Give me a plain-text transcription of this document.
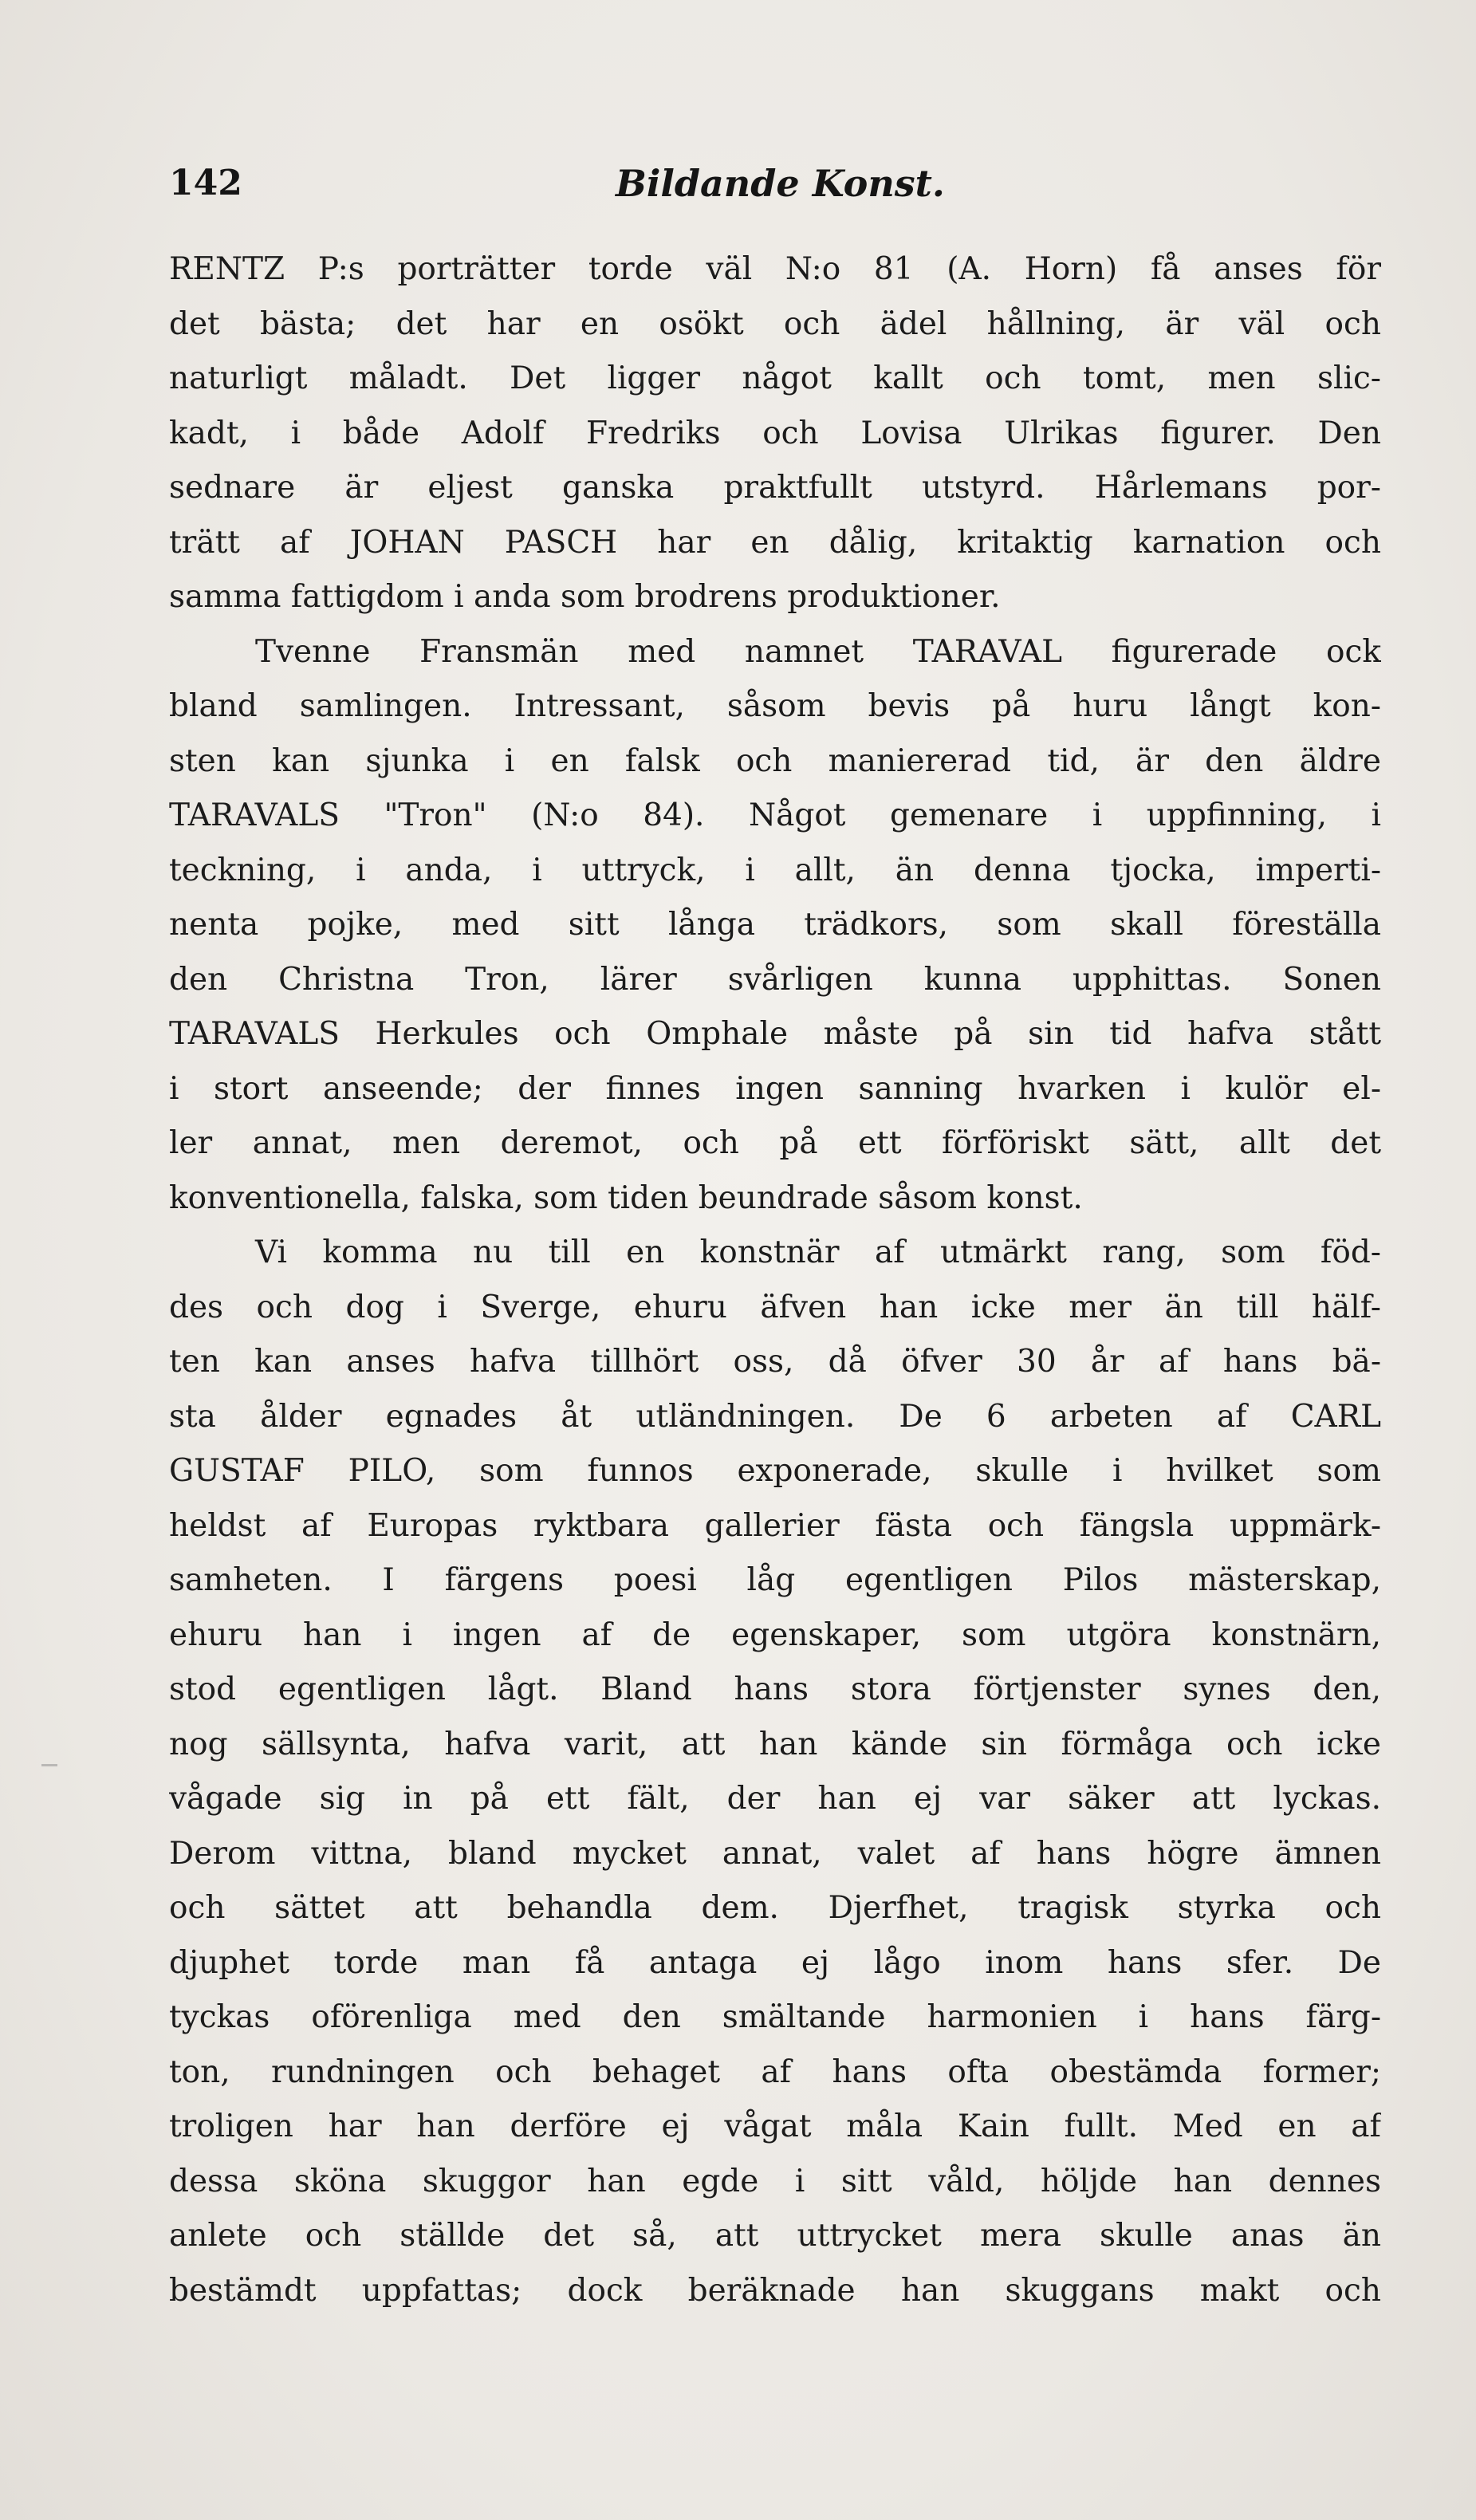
142	Bildande Konst.
RENTZ P:s porträtter torde väl N:o 81 (A. Horn) få anses för
det bästa; det har en osökt och ädel hållning, är väl och
naturligt måladt. Det ligger något kallt och tomt, men slic-
kadt, i både Adolf Fredriks och Lovisa Ulrikas figurer. Den
sednare är eljest ganska praktfullt utstyrd. Hårlemans por-
trätt af JOHAN PASCH har en dålig, kritaktig karnation och
samma fattigdom i anda som brodrens produktioner.
Tvenne Fransmän med namnet TARAVAL figurerade ock
bland samlingen. Intressant, såsom bevis på huru långt kon-
sten kan sjunka i en falsk och maniererad tid, är den äldre
TARAVALS "Tron" (N:o 84). Något gemenare i uppfinning, i
teckning, i anda, i uttryck, i allt, än denna tjocka, imperti-
nenta pojke, med sitt långa trädkors, som skall föreställa
den Christna Tron, lärer svårligen kunna upphittas. Sonen
TARAVALS Herkules och Omphale måste på sin tid hafva stått
i stort anseende; der finnes ingen sanning hvarken i kulör el-
ler annat, men deremot, och på ett förföriskt sätt, allt det
konventionella, falska, som tiden beundrade såsom konst.
Vi komma nu till en konstnär af utmärkt rang, som föd-
des och dog i Sverge, ehuru äfven han icke mer än till hälf-
ten kan anses hafva tillhört oss, då öfver 30 år af hans bä-
sta ålder egnades åt utländningen. De 6 arbeten af CARL
GUSTAF PILO, som funnos exponerade, skulle i hvilket som
heldst af Europas ryktbara gallerier fästa och fängsla uppmärk-
samheten. I färgens poesi låg egentligen Pilos mästerskap,
ehuru han i ingen af de egenskaper, som utgöra konstnärn,
stod egentligen lågt. Bland hans stora förtjenster synes den,
nog sällsynta, hafva varit, att han kände sin förmåga och icke
vågade sig in på ett fält, der han ej var säker att lyckas.
Derom vittna, bland mycket annat, valet af hans högre ämnen
och sättet att behandla dem. Djerfhet, tragisk styrka och
djuphet torde man få antaga ej lågo inom hans sfer. De
tyckas oförenliga med den smältande harmonien i hans färg-
ton, rundningen och behaget af hans ofta obestämda former;
troligen har han derföre ej vågat måla Kain fullt. Med en af
dessa sköna skuggor han egde i sitt våld, höljde han dennes
anlete och ställde det så, att uttrycket mera skulle anas än
bestämdt uppfattas; dock beräknade han skuggans makt och
